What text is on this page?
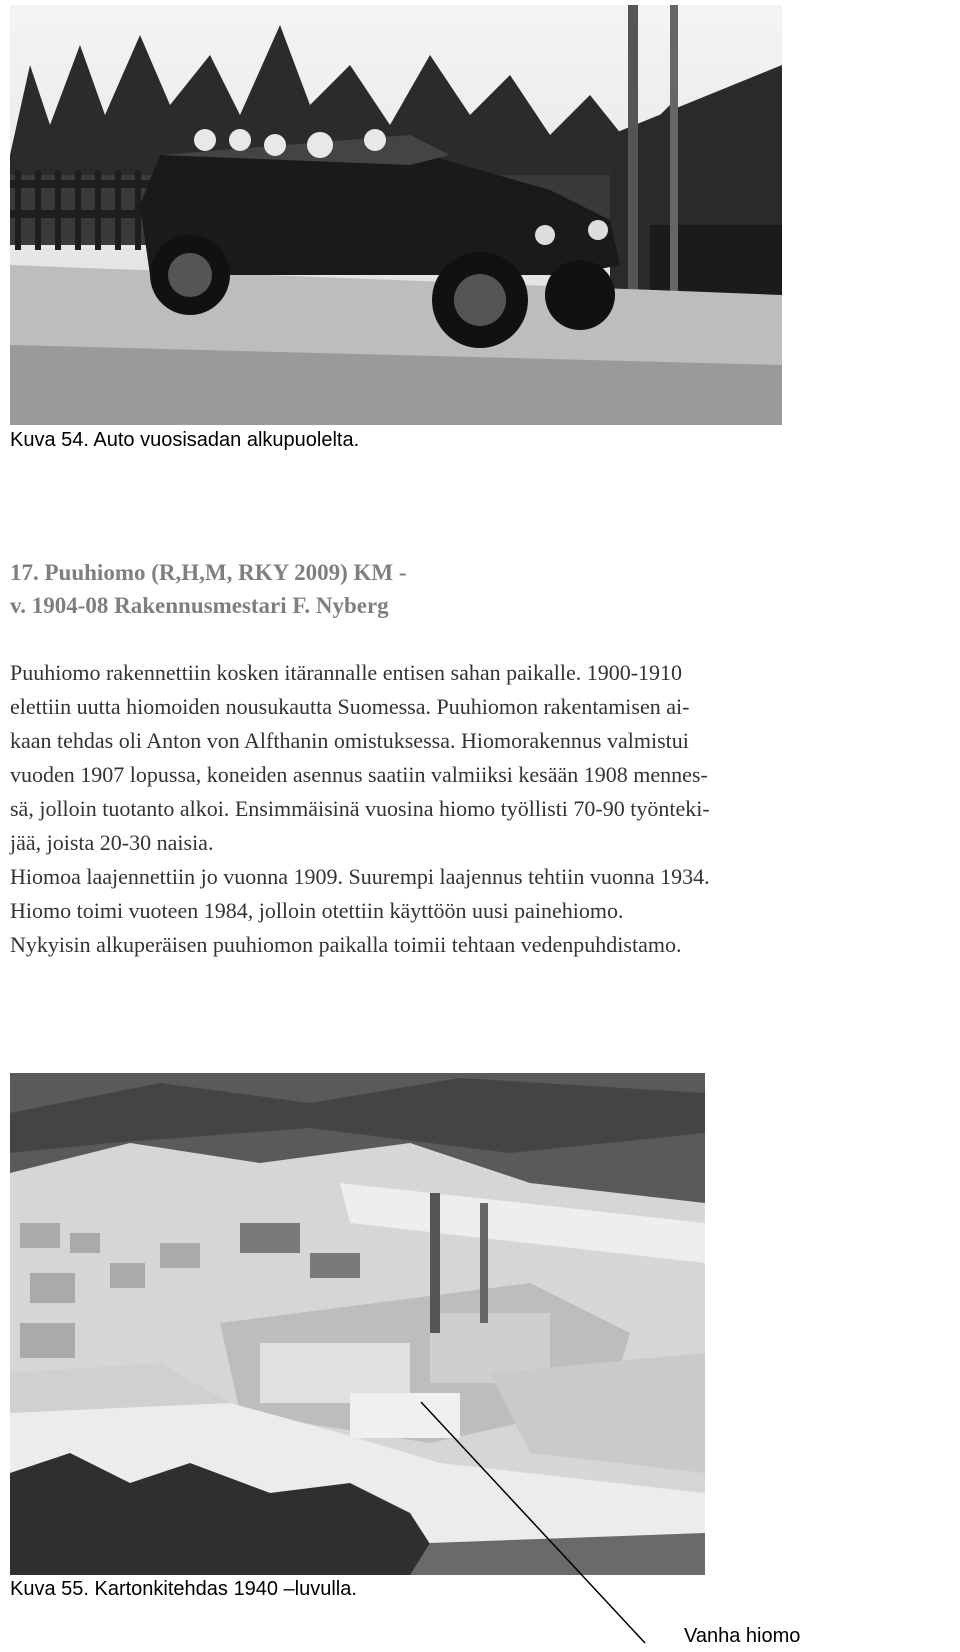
Kuva 54. Auto vuosisadan alkupuolelta.
17. Puuhiomo (R,H,M, RKY 2009) KM -
v. 1904-08 Rakennusmestari F. Nyberg

Puuhiomo rakennettiin kosken itärannalle entisen sahan paikalle. 1900-1910

elettiin uutta hiomoiden nousukautta Suomessa. Puuhiomon rakentamisen ai-

kaan tehdas oli Anton von Alfthanin omistuksessa. Hiomorakennus valmistui

vuoden 1907 lopussa, koneiden asennus saatiin valmiiksi kesään 1908 mennes-

sä, jolloin tuotanto alkoi. Ensimmäisinä vuosina hiomo työllisti 70-90 työnteki-

jää, joista 20-30 naisia.

Hiomoa laajennettiin jo vuonna 1909. Suurempi laajennus tehtiin vuonna 1934.

Hiomo toimi vuoteen 1984, jolloin otettiin käyttöön uusi painehiomo.

Nykyisin alkuperäisen puuhiomon paikalla toimii tehtaan vedenpuhdistamo.

Kuva 55. Kartonkitehdas 1940 –luvulla.
Vanha hiomo
